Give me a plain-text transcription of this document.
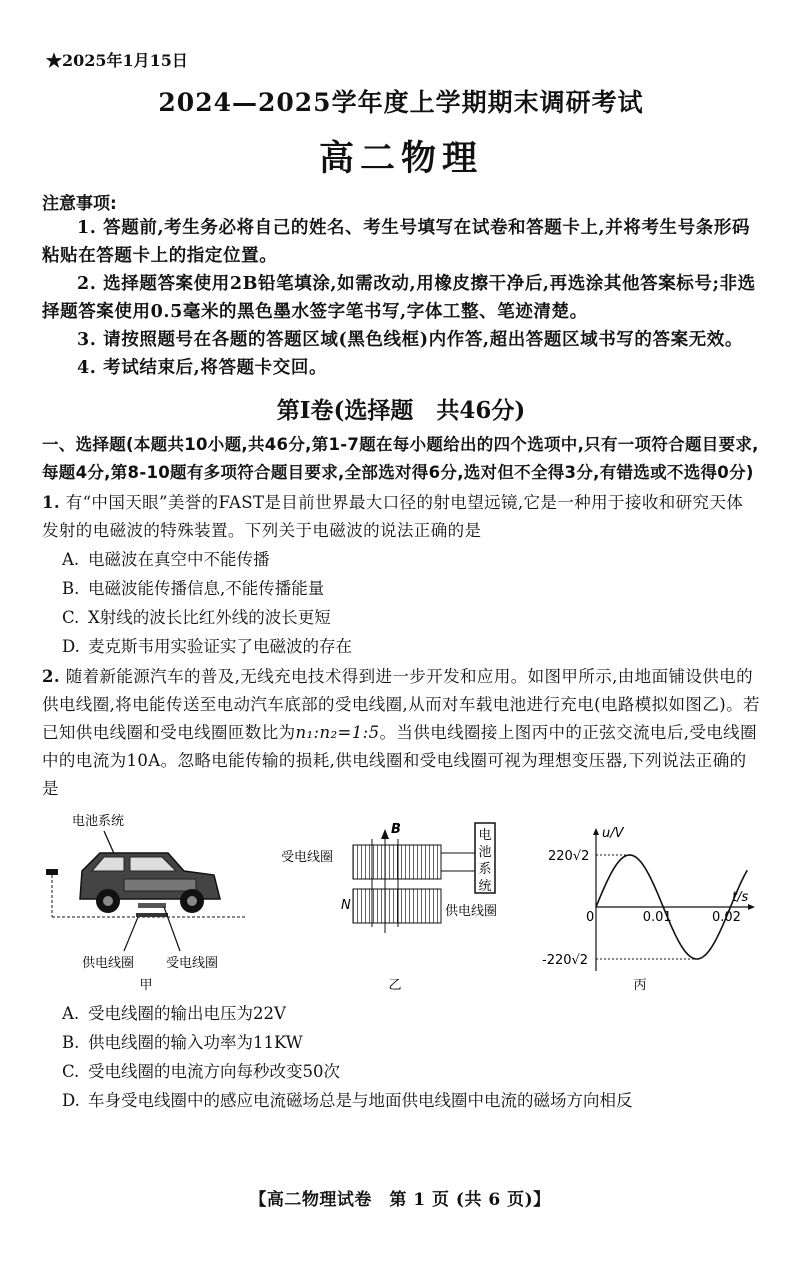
★2025年1月15日
2024—2025学年度上学期期末调研考试
高二物理
注意事项:

1. 答题前,考生务必将自己的姓名、考生号填写在试卷和答题卡上,并将考生号条形码粘贴在答题卡上的指定位置。

2. 选择题答案使用2B铅笔填涂,如需改动,用橡皮擦干净后,再选涂其他答案标号;非选择题答案使用0.5毫米的黑色墨水签字笔书写,字体工整、笔迹清楚。

3. 请按照题号在各题的答题区域(黑色线框)内作答,超出答题区域书写的答案无效。

4. 考试结束后,将答题卡交回。

第Ⅰ卷(选择题　共46分)
一、选择题(本题共10小题,共46分,第1-7题在每小题给出的四个选项中,只有一项符合题目要求,每题4分,第8-10题有多项符合题目要求,全部选对得6分,选对但不全得3分,有错选或不选得0分)
1. 有“中国天眼”美誉的FAST是目前世界最大口径的射电望远镜,它是一种用于接收和研究天体发射的电磁波的特殊装置。下列关于电磁波的说法正确的是
A. 电磁波在真空中不能传播
B. 电磁波能传播信息,不能传播能量
C. X射线的波长比红外线的波长更短
D. 麦克斯韦用实验证实了电磁波的存在
2. 随着新能源汽车的普及,无线充电技术得到进一步开发和应用。如图甲所示,由地面铺设供电的供电线圈,将电能传送至电动汽车底部的受电线圈,从而对车载电池进行充电(电路模拟如图乙)。若已知供电线圈和受电线圈匝数比为n₁:n₂=1:5。当供电线圈接上图丙中的正弦交流电后,受电线圈中的电流为10A。忽略电能传输的损耗,供电线圈和受电线圈可视为理想变压器,下列说法正确的是
电池系统
供电线圈 受电线圈
甲
受电线圈
B
N
电
池
系
统
供电线圈
乙
u/V
t/s
0
220√2
-220√2
0.01	0.02
丙
A. 受电线圈的输出电压为22V
B. 供电线圈的输入功率为11KW
C. 受电线圈的电流方向每秒改变50次
D. 车身受电线圈中的感应电流磁场总是与地面供电线圈中电流的磁场方向相反
【高二物理试卷　第 1 页 (共 6 页)】
